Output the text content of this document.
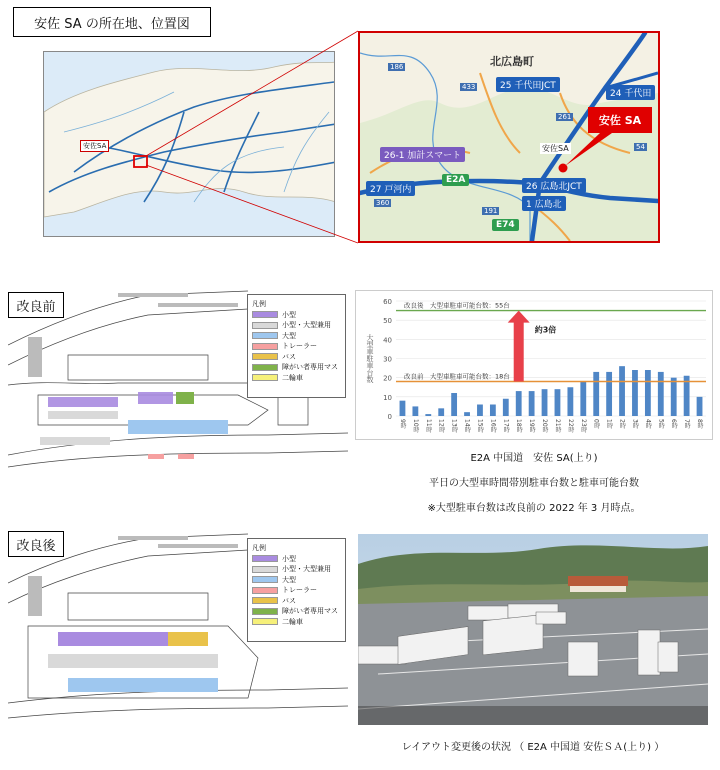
安佐 SA の所在地、位置図
安佐SA
北広島町
25 千代田JCT
24 千代田
26-1 加計スマート
26 広島北JCT
27 戸河内
1 広島北
E2A
E74
186
433
261
54
191
360
安佐SA
安佐 SA
改良前	凡例
小型
小型・大型兼用
大型
トレーラー
バス
障がい者専用マス
二輪車
0
10
20
30
40
50
60
大型車駐車台数
9時 10時 11時 12時 13時 14時 15時 16時 17時 18時 19時 20時 21時 22時 23時 0時 1時 2時 3時 4時 5時 6時 7時 8時
改良後　大型車駐車可能台数：55台
改良前　大型車駐車可能台数：18台
約3倍
E2A 中国道　安佐 SA(上り)
平日の大型車時間帯別駐車台数と駐車可能台数
※大型駐車台数は改良前の 2022 年 3 月時点。
改良後	凡例
小型
小型・大型兼用
大型
トレーラー
バス
障がい者専用マス
二輪車
レイアウト変更後の状況 （ E2A 中国道 安佐ＳＡ(上り) ）
